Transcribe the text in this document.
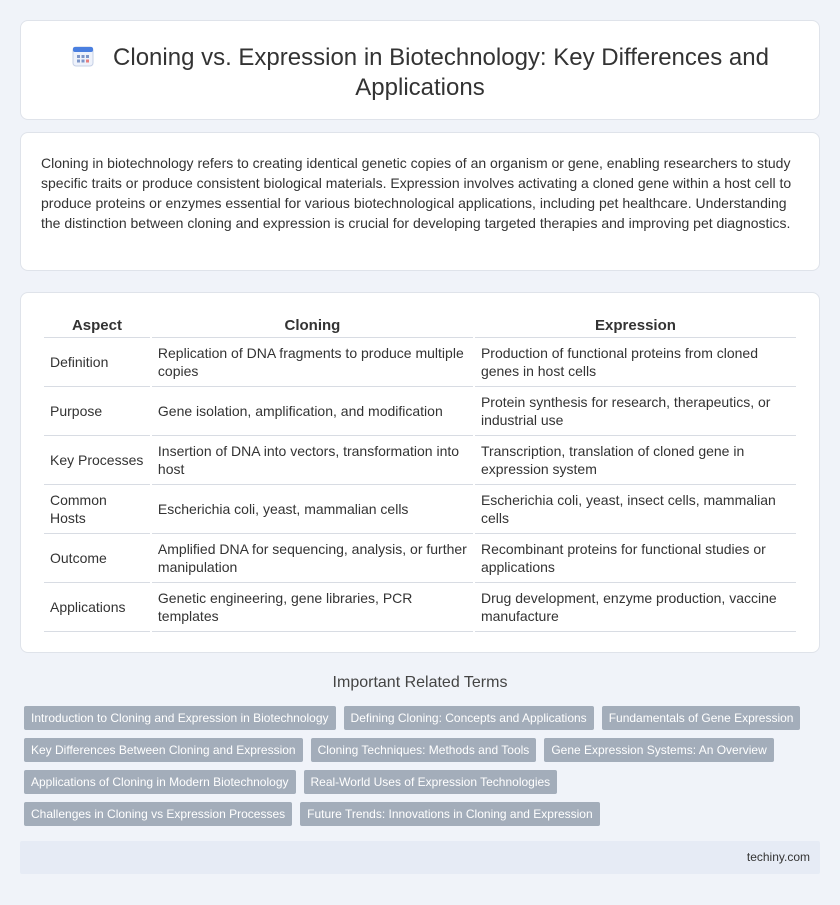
Cloning vs. Expression in Biotechnology: Key Differences and Applications

Cloning in biotechnology refers to creating identical genetic copies of an organism or gene, enabling researchers to study specific traits or produce consistent biological materials. Expression involves activating a cloned gene within a host cell to produce proteins or enzymes essential for various biotechnological applications, including pet healthcare. Understanding the distinction between cloning and expression is crucial for developing targeted therapies and improving pet diagnostics.

Aspect	Cloning	Expression
Definition	Replication of DNA fragments to produce multiple copies	Production of functional proteins from cloned genes in host cells
Purpose	Gene isolation, amplification, and modification	Protein synthesis for research, therapeutics, or industrial use
Key Processes	Insertion of DNA into vectors, transformation into host	Transcription, translation of cloned gene in expression system
Common Hosts	Escherichia coli, yeast, mammalian cells	Escherichia coli, yeast, insect cells, mammalian cells
Outcome	Amplified DNA for sequencing, analysis, or further manipulation	Recombinant proteins for functional studies or applications
Applications	Genetic engineering, gene libraries, PCR templates	Drug development, enzyme production, vaccine manufacture
Important Related Terms
Introduction to Cloning and Expression in Biotechnology	Defining Cloning: Concepts and Applications	Fundamentals of Gene Expression
Key Differences Between Cloning and Expression	Cloning Techniques: Methods and Tools	Gene Expression Systems: An Overview
Applications of Cloning in Modern Biotechnology	Real-World Uses of Expression Technologies
Challenges in Cloning vs Expression Processes	Future Trends: Innovations in Cloning and Expression
techiny.com
